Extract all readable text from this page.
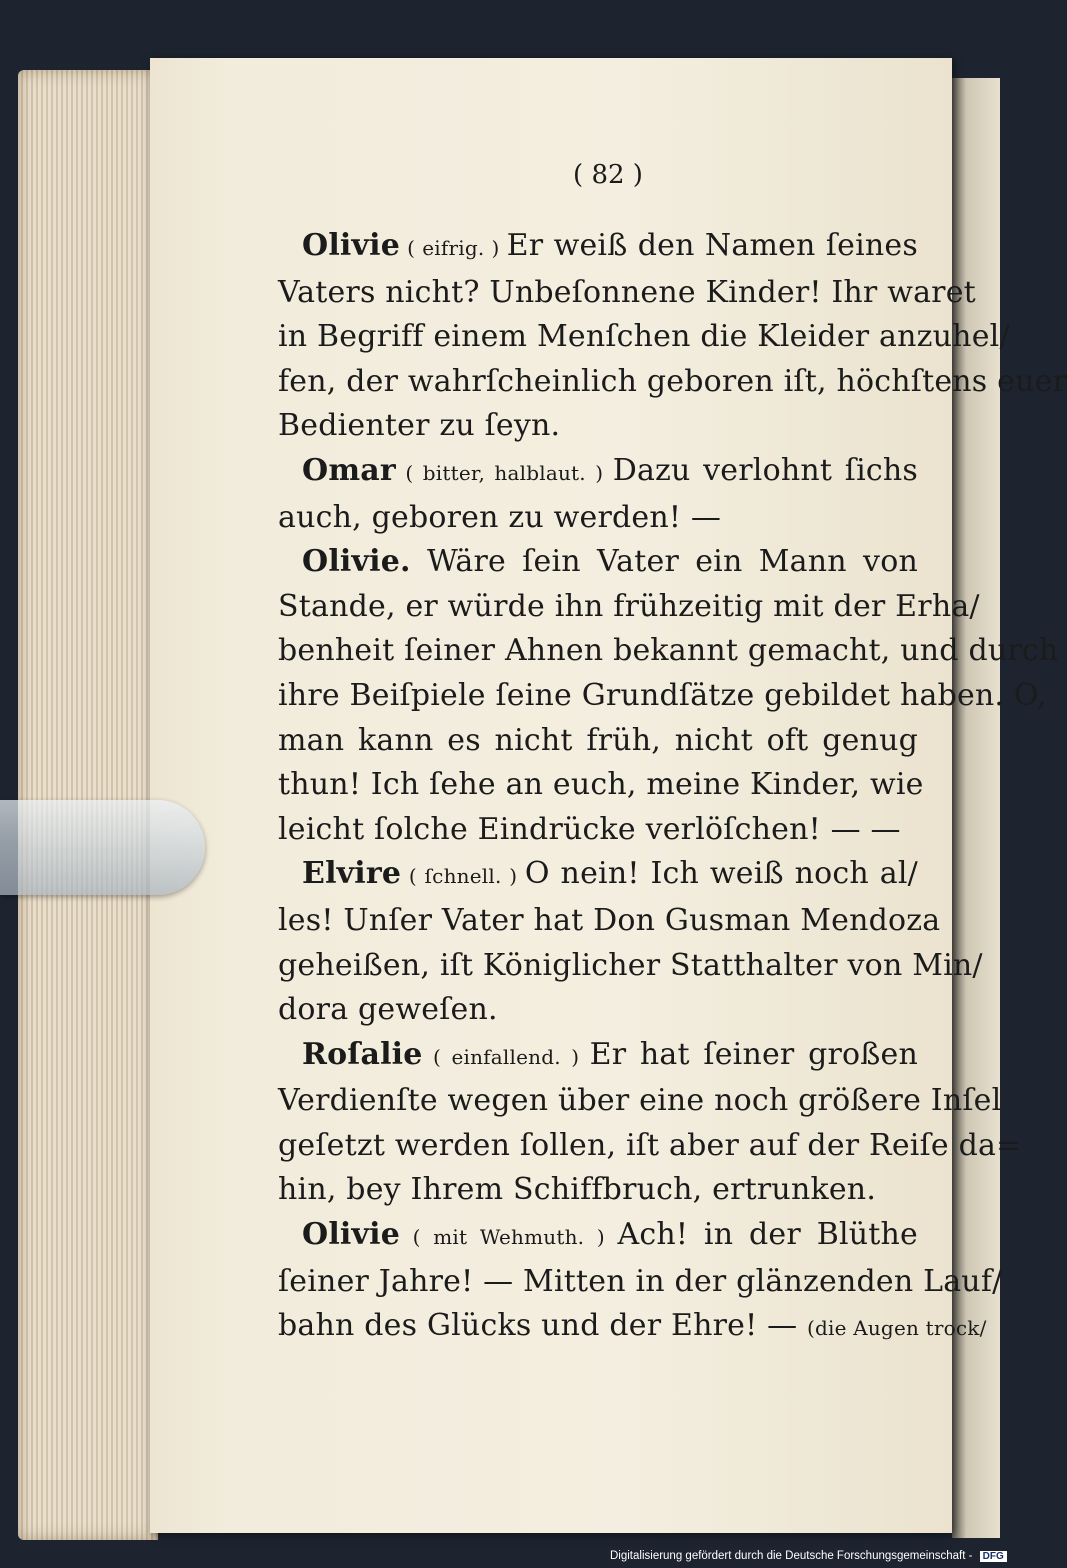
( 82 )
Olivie ( eifrig. ) Er weiß den Namen ſeines
Vaters nicht? Unbeſonnene Kinder! Ihr waret
in Begriff einem Menſchen die Kleider anzuhel/
fen, der wahrſcheinlich geboren iſt, höchſtens euer
Bedienter zu ſeyn.
Omar ( bitter, halblaut. ) Dazu verlohnt ſichs
auch, geboren zu werden! —
Olivie. Wäre ſein Vater ein Mann von
Stande, er würde ihn frühzeitig mit der Erha/
benheit ſeiner Ahnen bekannt gemacht, und durch
ihre Beiſpiele ſeine Grundſätze gebildet haben. O,
man kann es nicht früh, nicht oft genug
thun! Ich ſehe an euch, meine Kinder, wie
leicht ſolche Eindrücke verlöſchen! — —
Elvire ( ſchnell. ) O nein! Ich weiß noch al/
les! Unſer Vater hat Don Gusman Mendoza
geheißen, iſt Königlicher Statthalter von Min/
dora geweſen.
Roſalie ( einfallend. ) Er hat ſeiner großen
Verdienſte wegen über eine noch größere Inſel
geſetzt werden ſollen, iſt aber auf der Reiſe da=
hin, bey Ihrem Schiffbruch, ertrunken.
Olivie ( mit Wehmuth. ) Ach! in der Blüthe
ſeiner Jahre! — Mitten in der glänzenden Lauf/
bahn des Glücks und der Ehre! — (die Augen trock/
Digitalisierung gefördert durch die Deutsche Forschungsgemeinschaft - DFG
